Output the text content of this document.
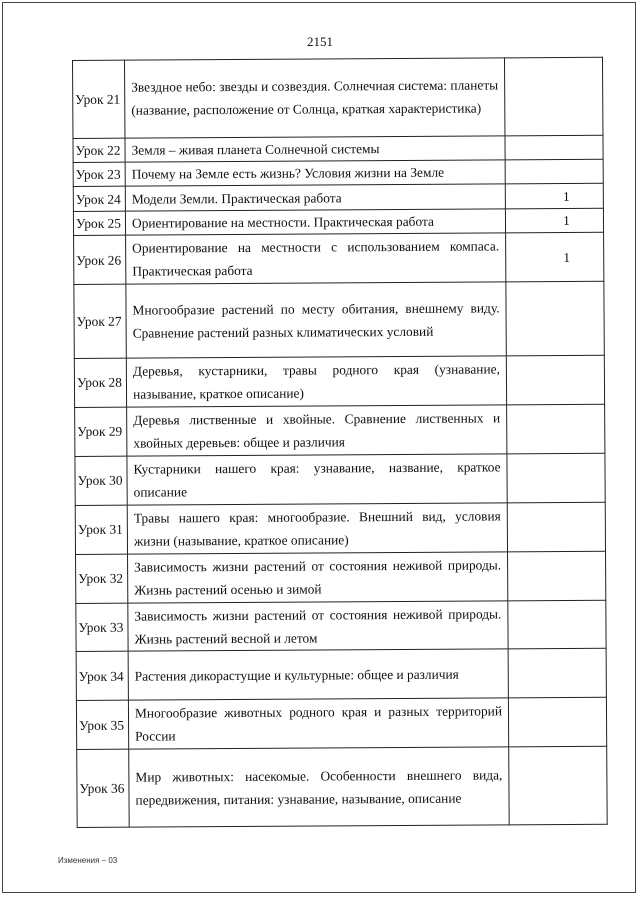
2151
Урок 21	Звездное небо: звезды и созвездия. Солнечная система: планеты (название, расположение от Солнца, краткая характеристика)	
Урок 22	Земля – живая планета Солнечной системы	
Урок 23	Почему на Земле есть жизнь? Условия жизни на Земле	
Урок 24	Модели Земли. Практическая работа	1
Урок 25	Ориентирование на местности. Практическая работа	1
Урок 26	Ориентирование на местности с использованием компаса. Практическая работа	1
Урок 27	Многообразие растений по месту обитания, внешнему виду. Сравнение растений разных климатических условий	
Урок 28	Деревья, кустарники, травы родного края (узнавание, называние, краткое описание)	
Урок 29	Деревья лиственные и хвойные. Сравнение лиственных и хвойных деревьев: общее и различия	
Урок 30	Кустарники нашего края: узнавание, название, краткое описание	
Урок 31	Травы нашего края: многообразие. Внешний вид, условия жизни (называние, краткое описание)	
Урок 32	Зависимость жизни растений от состояния неживой природы. Жизнь растений осенью и зимой	
Урок 33	Зависимость жизни растений от состояния неживой природы. Жизнь растений весной и летом	
Урок 34	Растения дикорастущие и культурные: общее и различия	
Урок 35	Многообразие животных родного края и разных территорий России	
Урок 36	Мир животных: насекомые. Особенности внешнего вида, передвижения, питания: узнавание, называние, описание	
Изменения – 03
